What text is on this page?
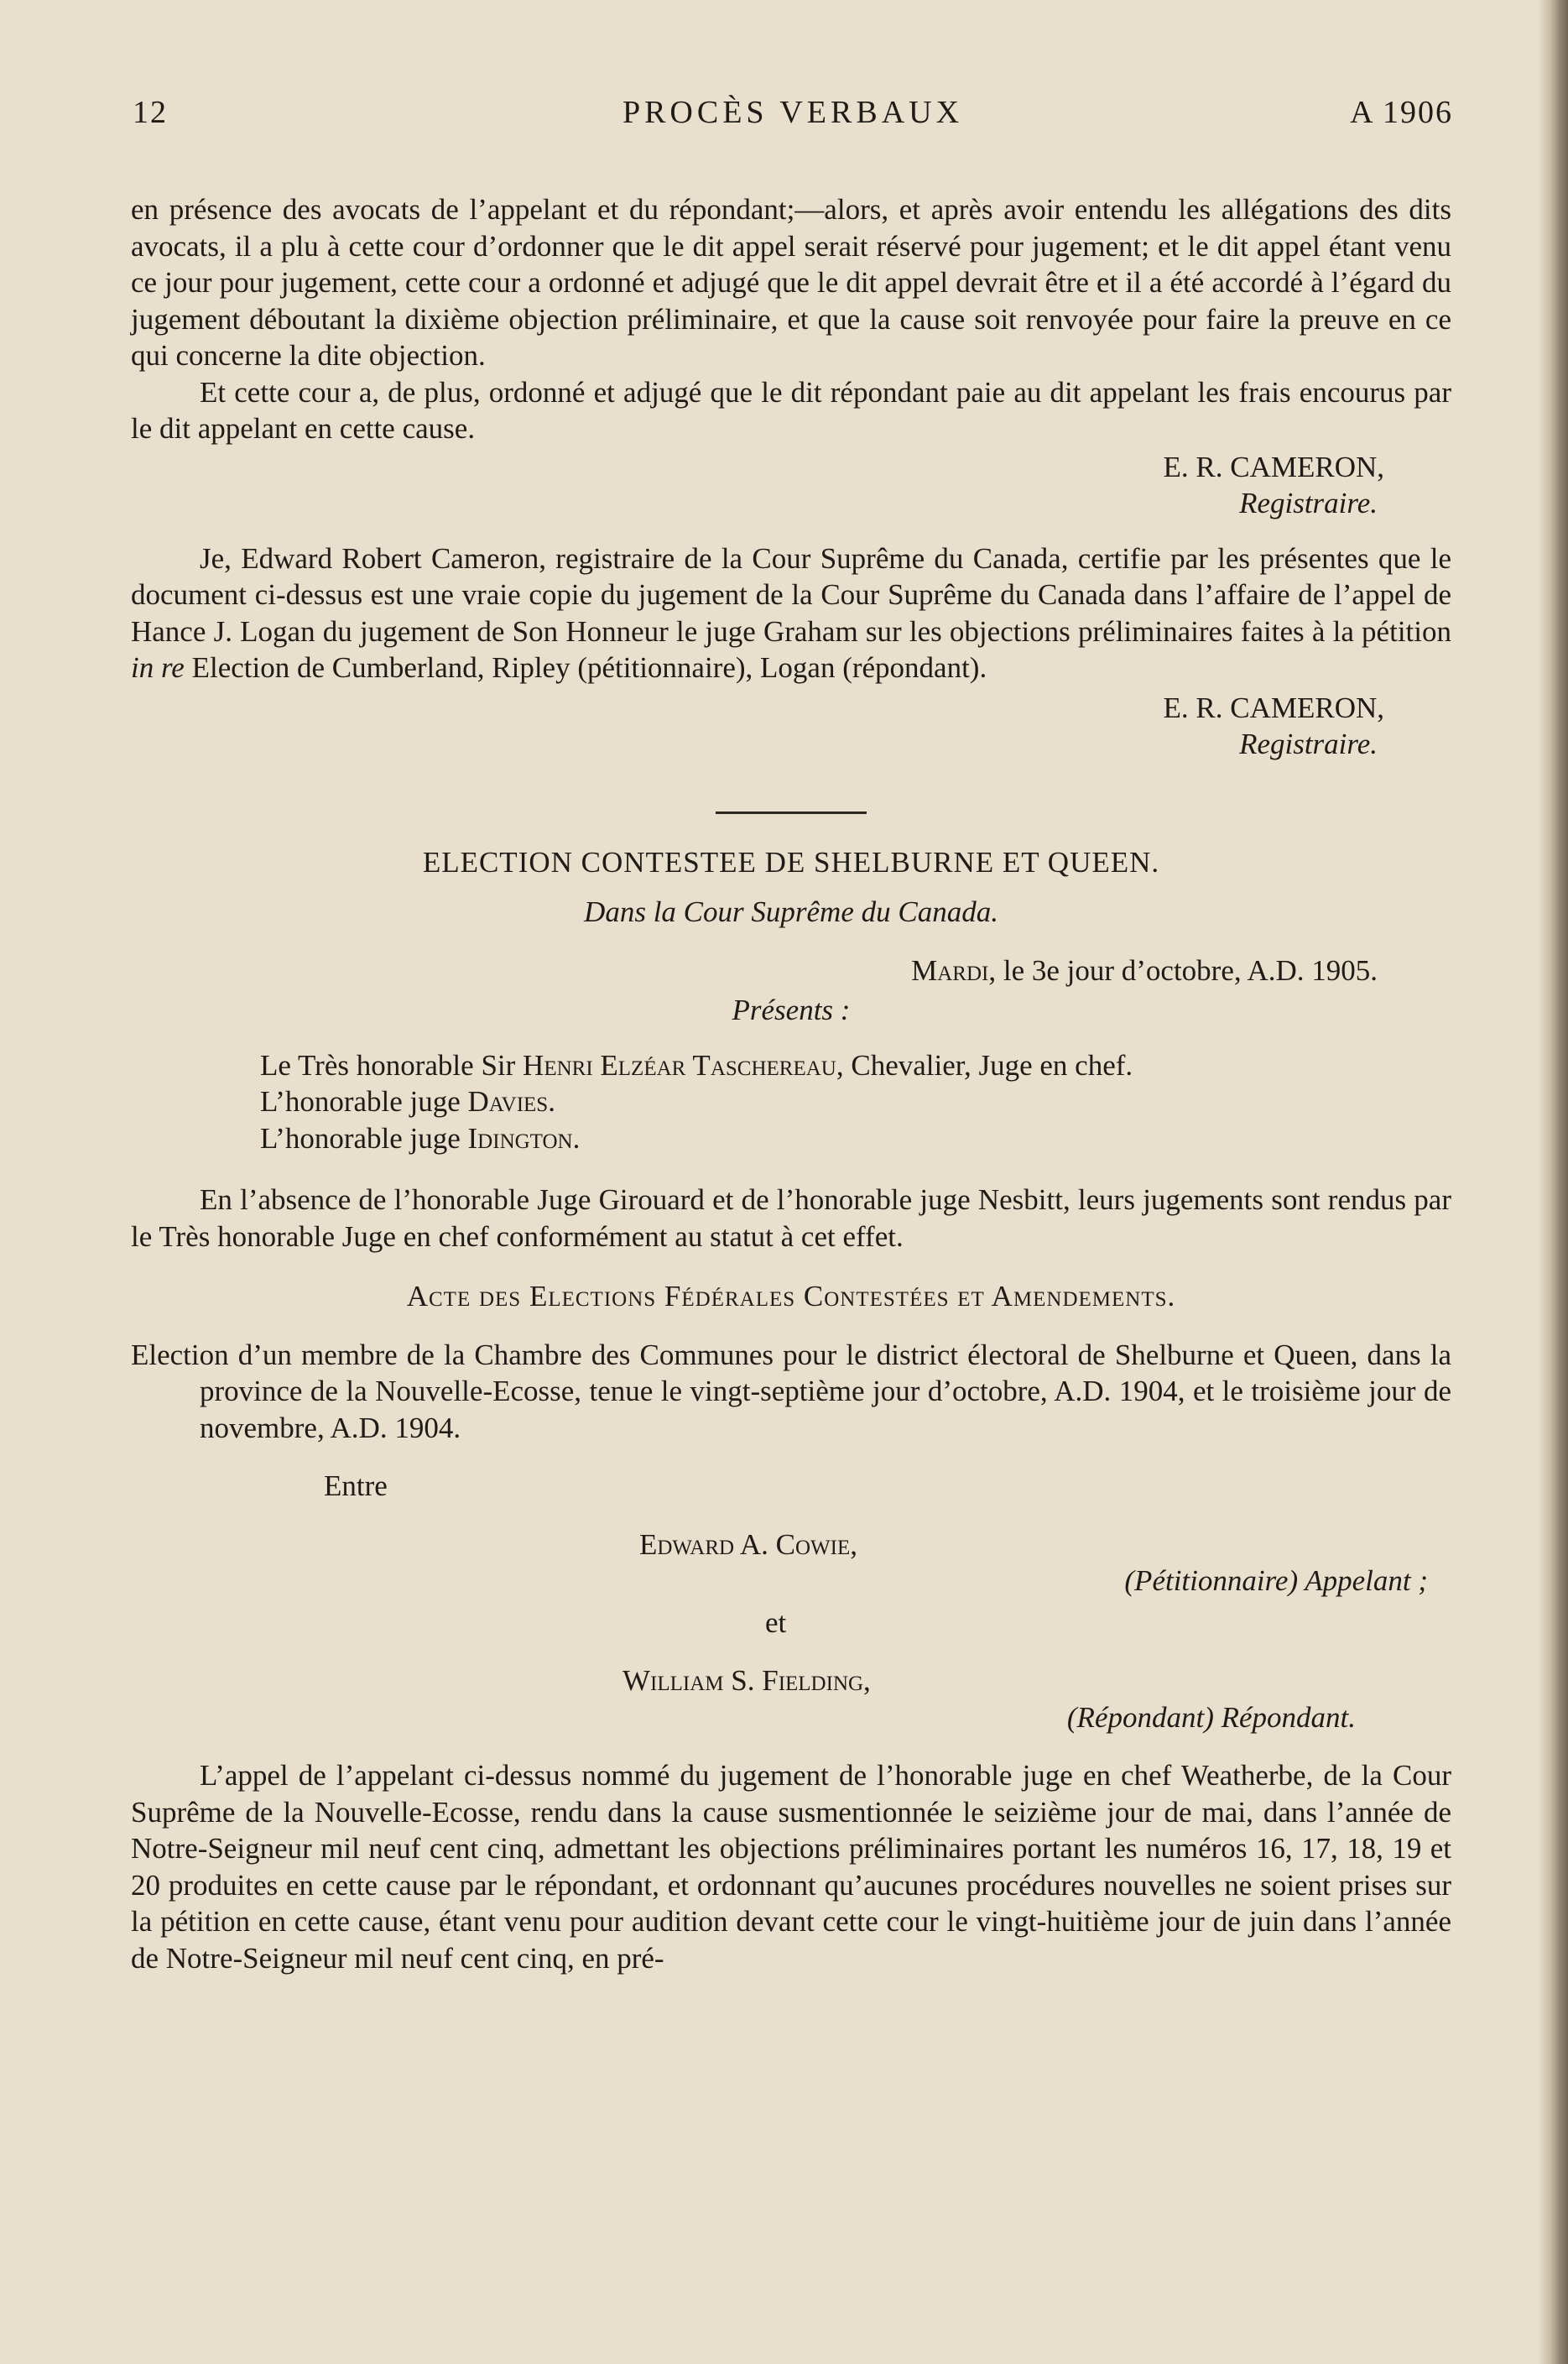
12	PROCÈS VERBAUX	A 1906

en présence des avocats de l’appelant et du répondant;—alors, et après avoir entendu les allégations des dits avocats, il a plu à cette cour d’ordonner que le dit appel serait réservé pour jugement; et le dit appel étant venu ce jour pour jugement, cette cour a ordonné et adjugé que le dit appel devrait être et il a été accordé à l’égard du jugement déboutant la dixième objection préliminaire, et que la cause soit renvoyée pour faire la preuve en ce qui concerne la dite objection.

Et cette cour a, de plus, ordonné et adjugé que le dit répondant paie au dit appelant les frais encourus par le dit appelant en cette cause.

E. R. CAMERON,

Registraire.

Je, Edward Robert Cameron, registraire de la Cour Suprême du Canada, certifie par les présentes que le document ci-dessus est une vraie copie du jugement de la Cour Suprême du Canada dans l’affaire de l’appel de Hance J. Logan du jugement de Son Honneur le juge Graham sur les objections préliminaires faites à la pétition in re Election de Cumberland, Ripley (pétitionnaire), Logan (répondant).

E. R. CAMERON,

Registraire.

ELECTION CONTESTEE DE SHELBURNE ET QUEEN.

Dans la Cour Suprême du Canada.

Mardi, le 3e jour d’octobre, A.D. 1905.

Présents :

Le Très honorable Sir Henri Elzéar Taschereau, Chevalier, Juge en chef.

L’honorable juge Davies.

L’honorable juge Idington.

En l’absence de l’honorable Juge Girouard et de l’honorable juge Nesbitt, leurs jugements sont rendus par le Très honorable Juge en chef conformément au statut à cet effet.

Acte des Elections Fédérales Contestées et Amendements.

Election d’un membre de la Chambre des Communes pour le district électoral de Shelburne et Queen, dans la province de la Nouvelle-Ecosse, tenue le vingt-septième jour d’octobre, A.D. 1904, et le troisième jour de novembre, A.D. 1904.

Entre

Edward A. Cowie,

(Pétitionnaire) Appelant ;

et

William S. Fielding,

(Répondant) Répondant.

L’appel de l’appelant ci-dessus nommé du jugement de l’honorable juge en chef Weatherbe, de la Cour Suprême de la Nouvelle-Ecosse, rendu dans la cause susmentionnée le seizième jour de mai, dans l’année de Notre-Seigneur mil neuf cent cinq, admettant les objections préliminaires portant les numéros 16, 17, 18, 19 et 20 produites en cette cause par le répondant, et ordonnant qu’aucunes procédures nouvelles ne soient prises sur la pétition en cette cause, étant venu pour audition devant cette cour le vingt-huitième jour de juin dans l’année de Notre-Seigneur mil neuf cent cinq, en pré-
